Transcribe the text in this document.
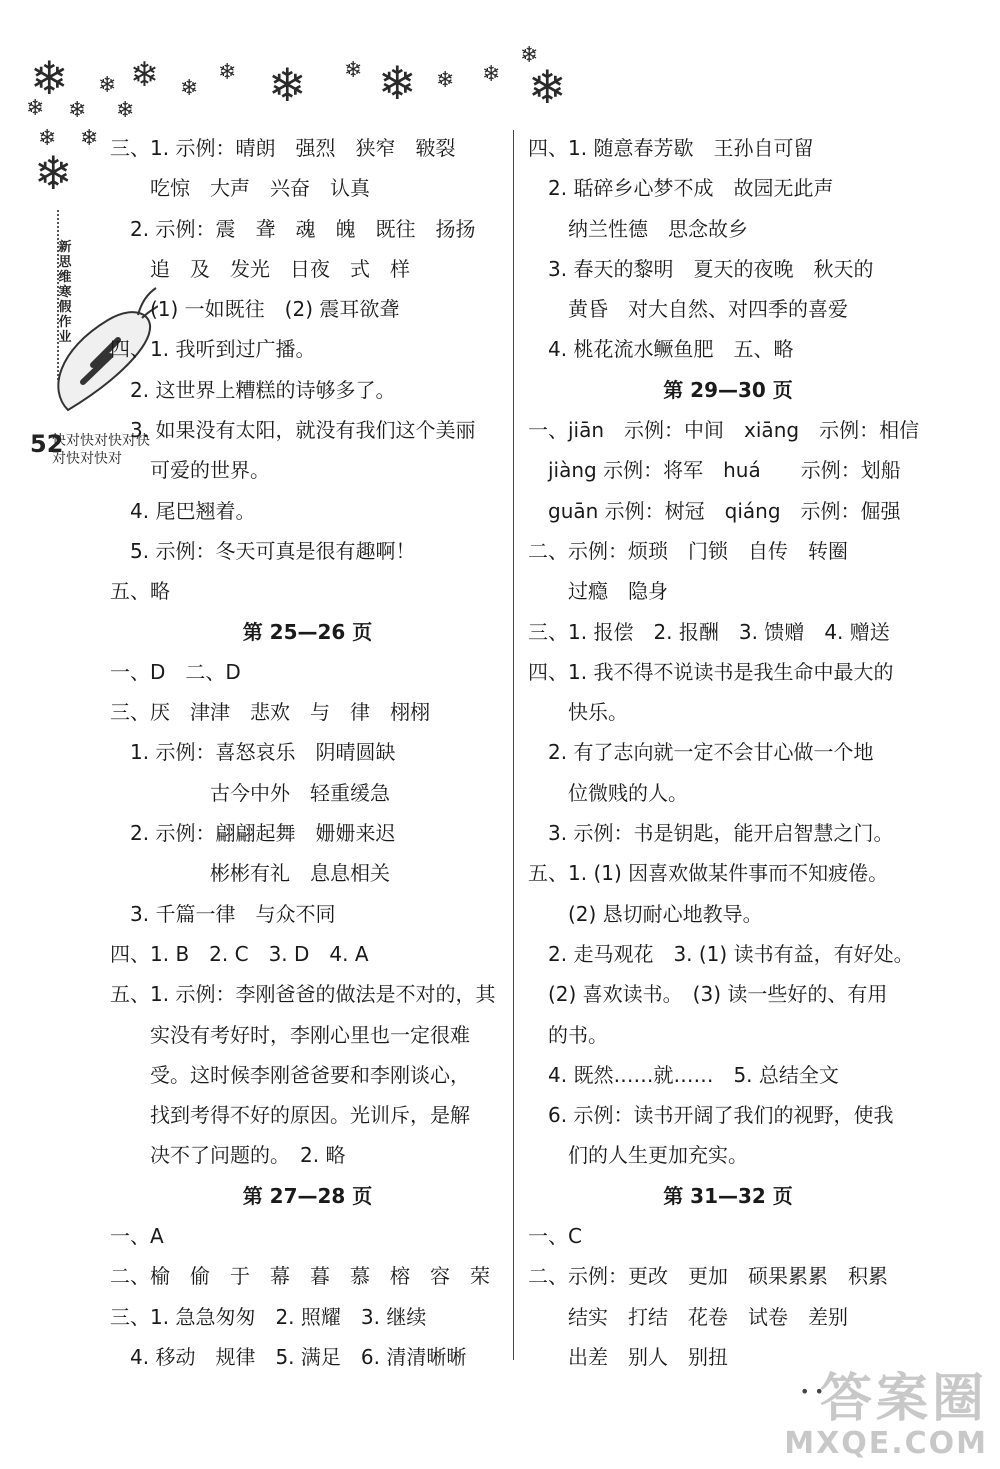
❄ ❄ ❄ ❄
❄ ❄ ❄ ❄ ❄ ❄
❄
❄
❄ ❄ ❄
❄ ❄
❄
新思维寒假作业
52
快对快对快对快对快对快对
三、1. 示例：晴朗　强烈　狭窄　皲裂
　　吃惊　大声　兴奋　认真
　2. 示例：震　聋　魂　魄　既往　扬扬
　　追　及　发光　日夜　式　样
　　(1) 一如既往　(2) 震耳欲聋
四、1. 我听到过广播。
　2. 这世界上糟糕的诗够多了。
　3. 如果没有太阳，就没有我们这个美丽
　　可爱的世界。
　4. 尾巴翘着。
　5. 示例：冬天可真是很有趣啊！
五、略
第 25—26 页
一、D　二、D
三、厌　津津　悲欢　与　律　栩栩
　1. 示例：喜怒哀乐　阴晴圆缺
　　　　　古今中外　轻重缓急
　2. 示例：翩翩起舞　姗姗来迟
　　　　　彬彬有礼　息息相关
　3. 千篇一律　与众不同
四、1. B　2. C　3. D　4. A
五、1. 示例：李刚爸爸的做法是不对的，其
　　实没有考好时，李刚心里也一定很难
　　受。这时候李刚爸爸要和李刚谈心，
　　找到考得不好的原因。光训斥，是解
　　决不了问题的。　2. 略
第 27—28 页
一、A
二、榆　偷　于　幕　暮　慕　榕　容　荣
三、1. 急急匆匆　2. 照耀　3. 继续
　4. 移动　规律　5. 满足　6. 清清晰晰
四、1. 随意春芳歇　王孙自可留
　2. 聒碎乡心梦不成　故园无此声
　　纳兰性德　思念故乡
　3. 春天的黎明　夏天的夜晚　秋天的
　　黄昏　对大自然、对四季的喜爱
　4. 桃花流水鳜鱼肥　五、略
第 29—30 页
一、jiān　示例：中间　xiāng　示例：相信
　jiàng 示例：将军　huá　　示例：划船
　guān 示例：树冠　qiáng　示例：倔强
二、示例：烦琐　门锁　自传　转圈
　　过瘾　隐身
三、1. 报偿　2. 报酬　3. 馈赠　4. 赠送
四、1. 我不得不说读书是我生命中最大的
　　快乐。
　2. 有了志向就一定不会甘心做一个地
　　位微贱的人。
　3. 示例：书是钥匙，能开启智慧之门。
五、1. (1) 因喜欢做某件事而不知疲倦。
　　(2) 恳切耐心地教导。
　2. 走马观花　3. (1) 读书有益，有好处。
　(2) 喜欢读书。　(3) 读一些好的、有用
　的书。
　4. 既然……就……　5. 总结全文
　6. 示例：读书开阔了我们的视野，使我
　　们的人生更加充实。
第 31—32 页
一、C
二、示例：更改　更加　硕果累累　积累
　　结实　打结　花卷　试卷　差别
　　出差　别人　别扭
• •
答案圈
MXQE.COM
